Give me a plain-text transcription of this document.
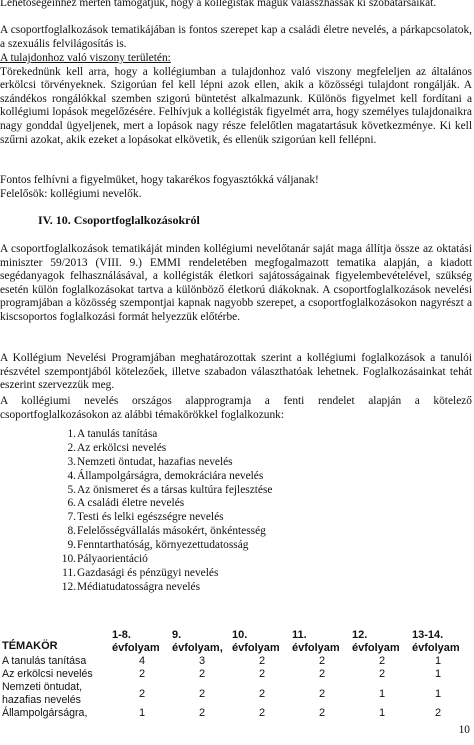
Lehetőségeinhez mérten támogatjuk, hogy a kollégisták maguk válasszhassák ki szobatársaikat.

A csoportfoglalkozások tematikájában is fontos szerepet kap a családi életre nevelés, a párkapcsolatok, a szexuális felvilágosítás is.

A tulajdonhoz való viszony területén:
Törekednünk kell arra, hogy a kollégiumban a tulajdonhoz való viszony megfeleljen az általános erkölcsi törvényeknek. Szigorúan fel kell lépni azok ellen, akik a közösségi tulajdont rongálják. A szándékos rongálókkal szemben szigorú büntetést alkalmazunk. Különös figyelmet kell fordítani a kollégiumi lopások megelőzésére. Felhívjuk a kollégisták figyelmét arra, hogy személyes tulajdonaikra nagy gonddal ügyeljenek, mert a lopások nagy része felelőtlen magatartásuk következménye. Ki kell szűrni azokat, akik ezeket a lopásokat elkövetik, és ellenük szigorúan kell fellépni.

Fontos felhívni a figyelmüket, hogy takarékos fogyasztókká váljanak!

Felelősök: kollégiumi nevelők.

IV. 10. Csoportfoglalkozásokról

A csoportfoglalkozások tematikáját minden kollégiumi nevelőtanár saját maga állítja össze az oktatási miniszter 59/2013 (VIII. 9.) EMMI rendeletében megfogalmazott tematika alapján, a kiadott segédanyagok felhasználásával, a kollégisták életkori sajátosságainak figyelembevételével, szükség esetén külön foglalkozásokat tartva a különböző életkorú diákoknak. A csoportfoglalkozások nevelési programjában a közösség szempontjai kapnak nagyobb szerepet, a csoportfoglalkozásokon nagyrészt a kiscsoportos foglalkozási formát helyezzük előtérbe.

A Kollégium Nevelési Programjában meghatározottak szerint a kollégiumi foglalkozások a tanulói részvétel szempontjából kötelezőek, illetve szabadon választhatóak lehetnek. Foglalkozásainkat tehát eszerint szervezzük meg.

A kollégiumi nevelés országos alapprogramja a fenti rendelet alapján a kötelező csoportfoglalkozásokon az alábbi témakörökkel foglalkozunk:

1. A tanulás tanítása
2. Az erkölcsi nevelés
3. Nemzeti öntudat, hazafias nevelés
4. Állampolgárságra, demokráciára nevelés
5. Az önismeret és a társas kultúra fejlesztése
6. A családi életre nevelés
7. Testi és lelki egészségre nevelés
8. Felelősségvállalás másokért, önkéntesség
9. Fenntarthatóság, környezettudatosság
10. Pályaorientáció
11. Gazdasági és pénzügyi nevelés
12. Médiatudatosságra nevelés
TÉMAKÖR	1-8. évfolyam	9. évfolyam,	10. évfolyam	11. évfolyam	12. évfolyam	13-14. évfolyam
A tanulás tanítása	4	3	2	2	2	1
Az erkölcsi nevelés	2	2	2	2	2	1
Nemzeti öntudat, hazafias nevelés	2	2	2	2	1	1
Állampolgárságra,	1	2	2	2	1	2
10
